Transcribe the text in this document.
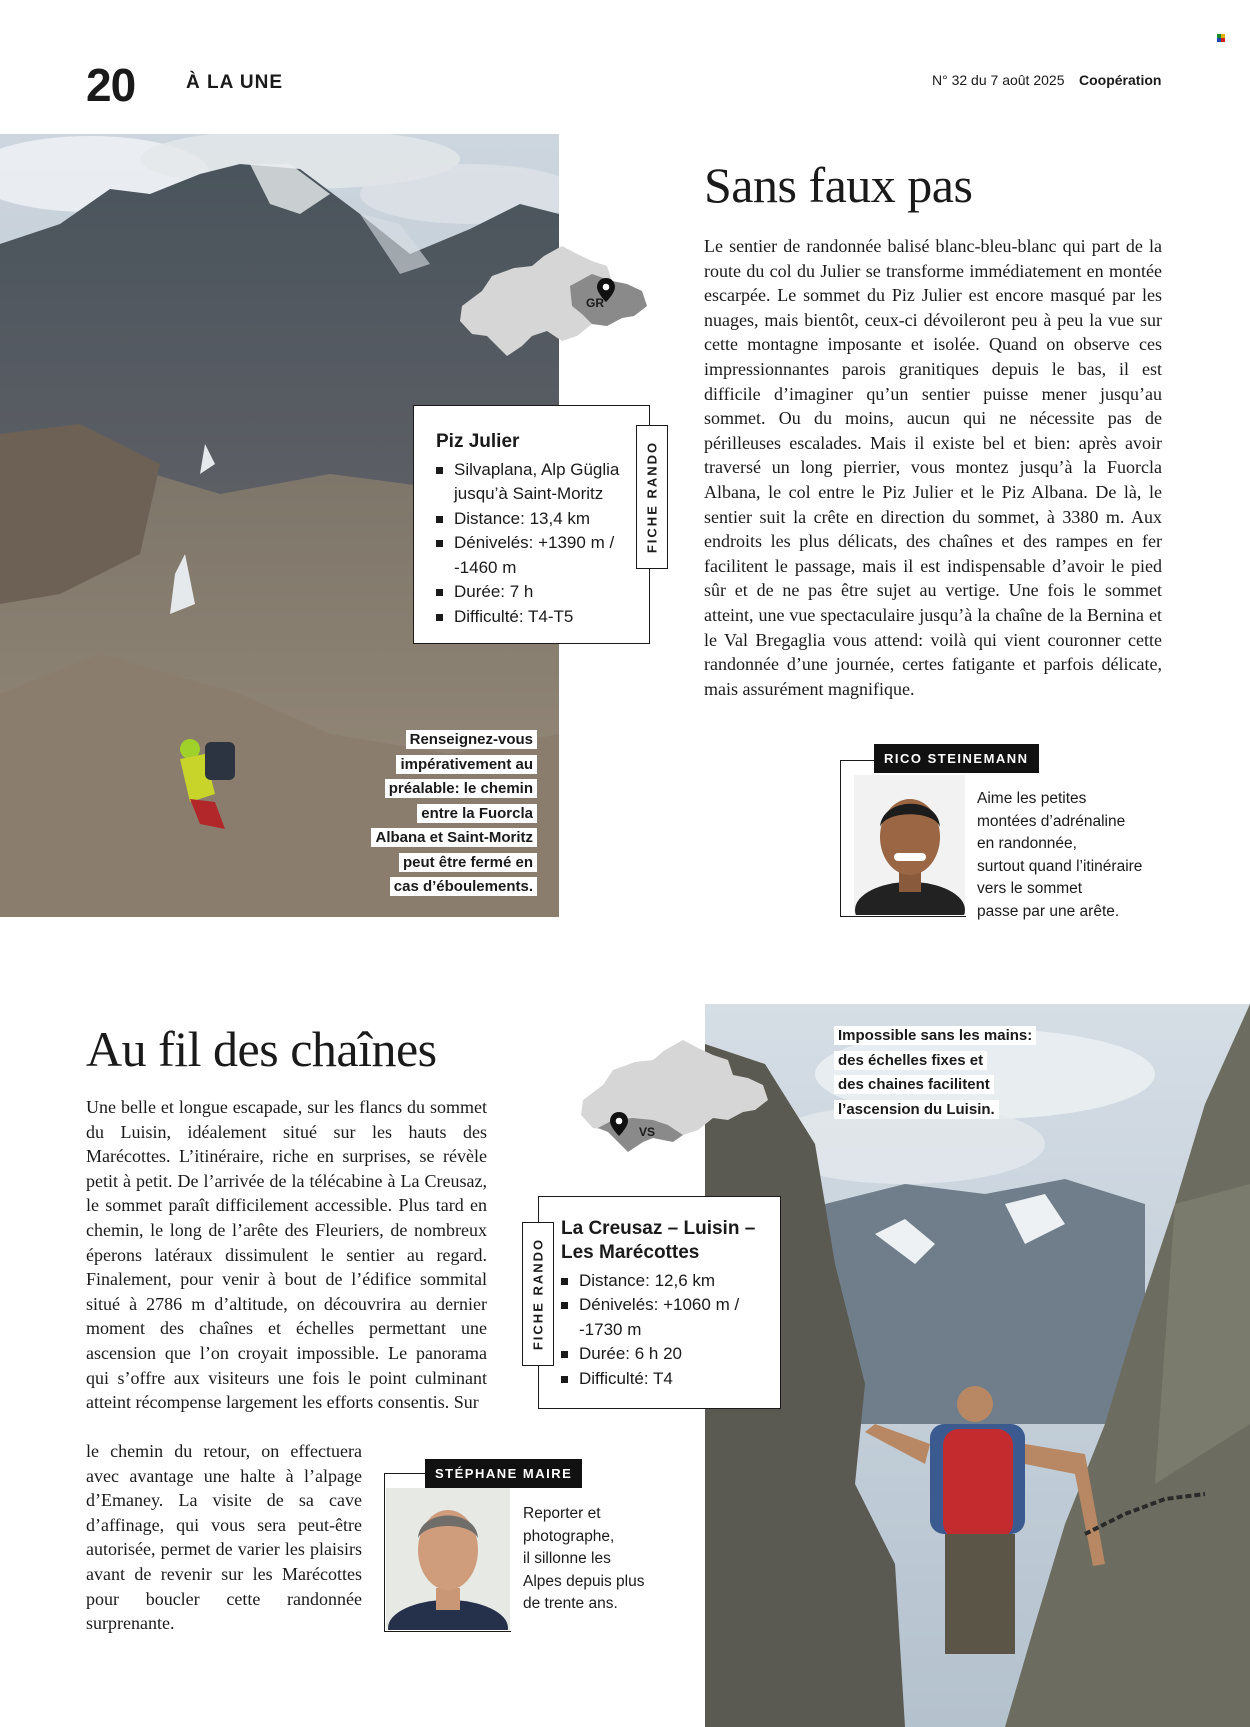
20	À LA UNE	N° 32 du 7 août 2025 Coopération
GR
Piz Julier
Silvaplana, Alp Güglia jusqu’à Saint-Moritz
Distance: 13,4 km
Dénivelés: +1390 m / -1460 m
Durée: 7 h
Difficulté: T4-T5
FICHE RANDO
Renseignez-vous
impérativement au
préalable: le chemin
entre la Fuorcla
Albana et Saint-Moritz
peut être fermé en
cas d’éboulements.
Sans faux pas

Le sentier de randonnée balisé blanc-bleu-blanc qui part de la route du col du Julier se transforme immédiatement en montée escarpée. Le sommet du Piz Julier est encore masqué par les nuages, mais bientôt, ceux-ci dévoileront peu à peu la vue sur cette montagne imposante et isolée. Quand on observe ces impressionnantes parois granitiques depuis le bas, il est difficile d’imaginer qu’un sentier puisse mener jusqu’au sommet. Ou du moins, aucun qui ne nécessite pas de périlleuses escalades. Mais il existe bel et bien: après avoir traversé un long pierrier, vous montez jusqu’à la Fuorcla Albana, le col entre le Piz Julier et le Piz Albana. De là, le sentier suit la crête en direction du sommet, à 3380 m. Aux endroits les plus délicats, des chaînes et des rampes en fer facilitent le passage, mais il est indispensable d’avoir le pied sûr et de ne pas être sujet au vertige. Une fois le sommet atteint, une vue spectaculaire jusqu’à la chaîne de la Bernina et le Val Bregaglia vous attend: voilà qui vient couronner cette randonnée d’une journée, certes fatigante et parfois délicate, mais assurément magnifique.

RICO STEINEMANN
Aime les petites
montées d’adrénaline
en randonnée,
surtout quand l’itinéraire
vers le sommet
passe par une arête.
Au fil des chaînes

Une belle et longue escapade, sur les flancs du sommet du Luisin, idéalement situé sur les hauts des Marécottes. L’itinéraire, riche en surprises, se révèle petit à petit. De l’arrivée de la télécabine à La Creusaz, le sommet paraît difficilement accessible. Plus tard en chemin, le long de l’arête des Fleuriers, de nombreux éperons latéraux dissimulent le sentier au regard. Finalement, pour venir à bout de l’édifice sommital situé à 2786 m d’altitude, on découvrira au dernier moment des chaînes et échelles permettant une ascension que l’on croyait impossible. Le panorama qui s’offre aux visiteurs une fois le point culminant atteint récompense largement les efforts consentis. Sur

le chemin du retour, on effectuera avec avantage une halte à l’alpage d’Emaney. La visite de sa cave d’affinage, qui vous sera peut-être autorisée, permet de varier les plaisirs avant de revenir sur les Marécottes pour boucler cette randonnée surprenante.

Impossible sans les mains:
des échelles fixes et
des chaines facilitent
l’ascension du Luisin.
VS
La Creusaz – Luisin – Les Marécottes
Distance: 12,6 km
Dénivelés: +1060 m / -1730 m
Durée: 6 h 20
Difficulté: T4
FICHE RANDO
STÉPHANE MAIRE
Reporter et
photographe,
il sillonne les
Alpes depuis plus
de trente ans.
